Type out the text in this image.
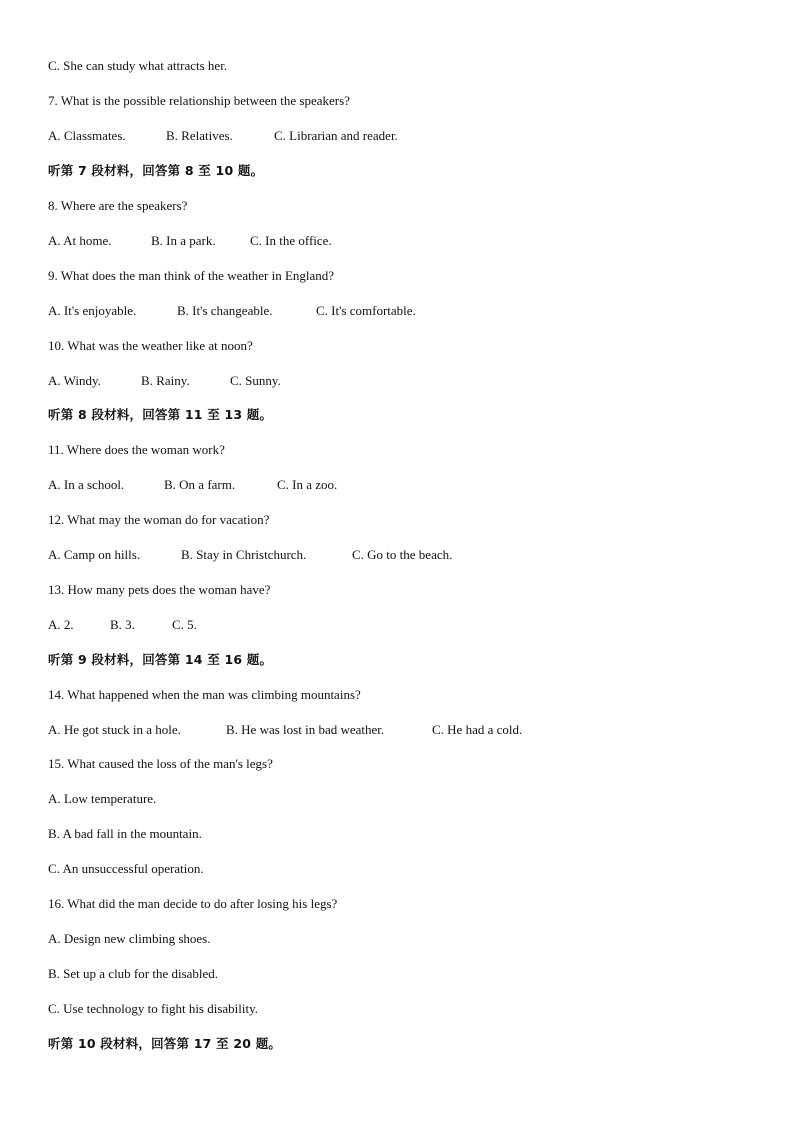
C. She can study what attracts her.
7. What is the possible relationship between the speakers?
A. Classmates.	B. Relatives.	C. Librarian and reader.
听第 7 段材料，回答第 8 至 10 题。
8. Where are the speakers?
A. At home.	B. In a park.	C. In the office.
9. What does the man think of the weather in England?
A. It's enjoyable.	B. It's changeable.	C. It's comfortable.
10. What was the weather like at noon?
A. Windy.	B. Rainy.	C. Sunny.
听第 8 段材料，回答第 11 至 13 题。
11. Where does the woman work?
A. In a school.	B. On a farm.	C. In a zoo.
12. What may the woman do for vacation?
A. Camp on hills.	B. Stay in Christchurch.	C. Go to the beach.
13. How many pets does the woman have?
A. 2.	B. 3.	C. 5.
听第 9 段材料，回答第 14 至 16 题。
14. What happened when the man was climbing mountains?
A. He got stuck in a hole.	B. He was lost in bad weather.	C. He had a cold.
15. What caused the loss of the man's legs?
A. Low temperature.
B. A bad fall in the mountain.
C. An unsuccessful operation.
16. What did the man decide to do after losing his legs?
A. Design new climbing shoes.
B. Set up a club for the disabled.
C. Use technology to fight his disability.
听第 10 段材料，回答第 17 至 20 题。
